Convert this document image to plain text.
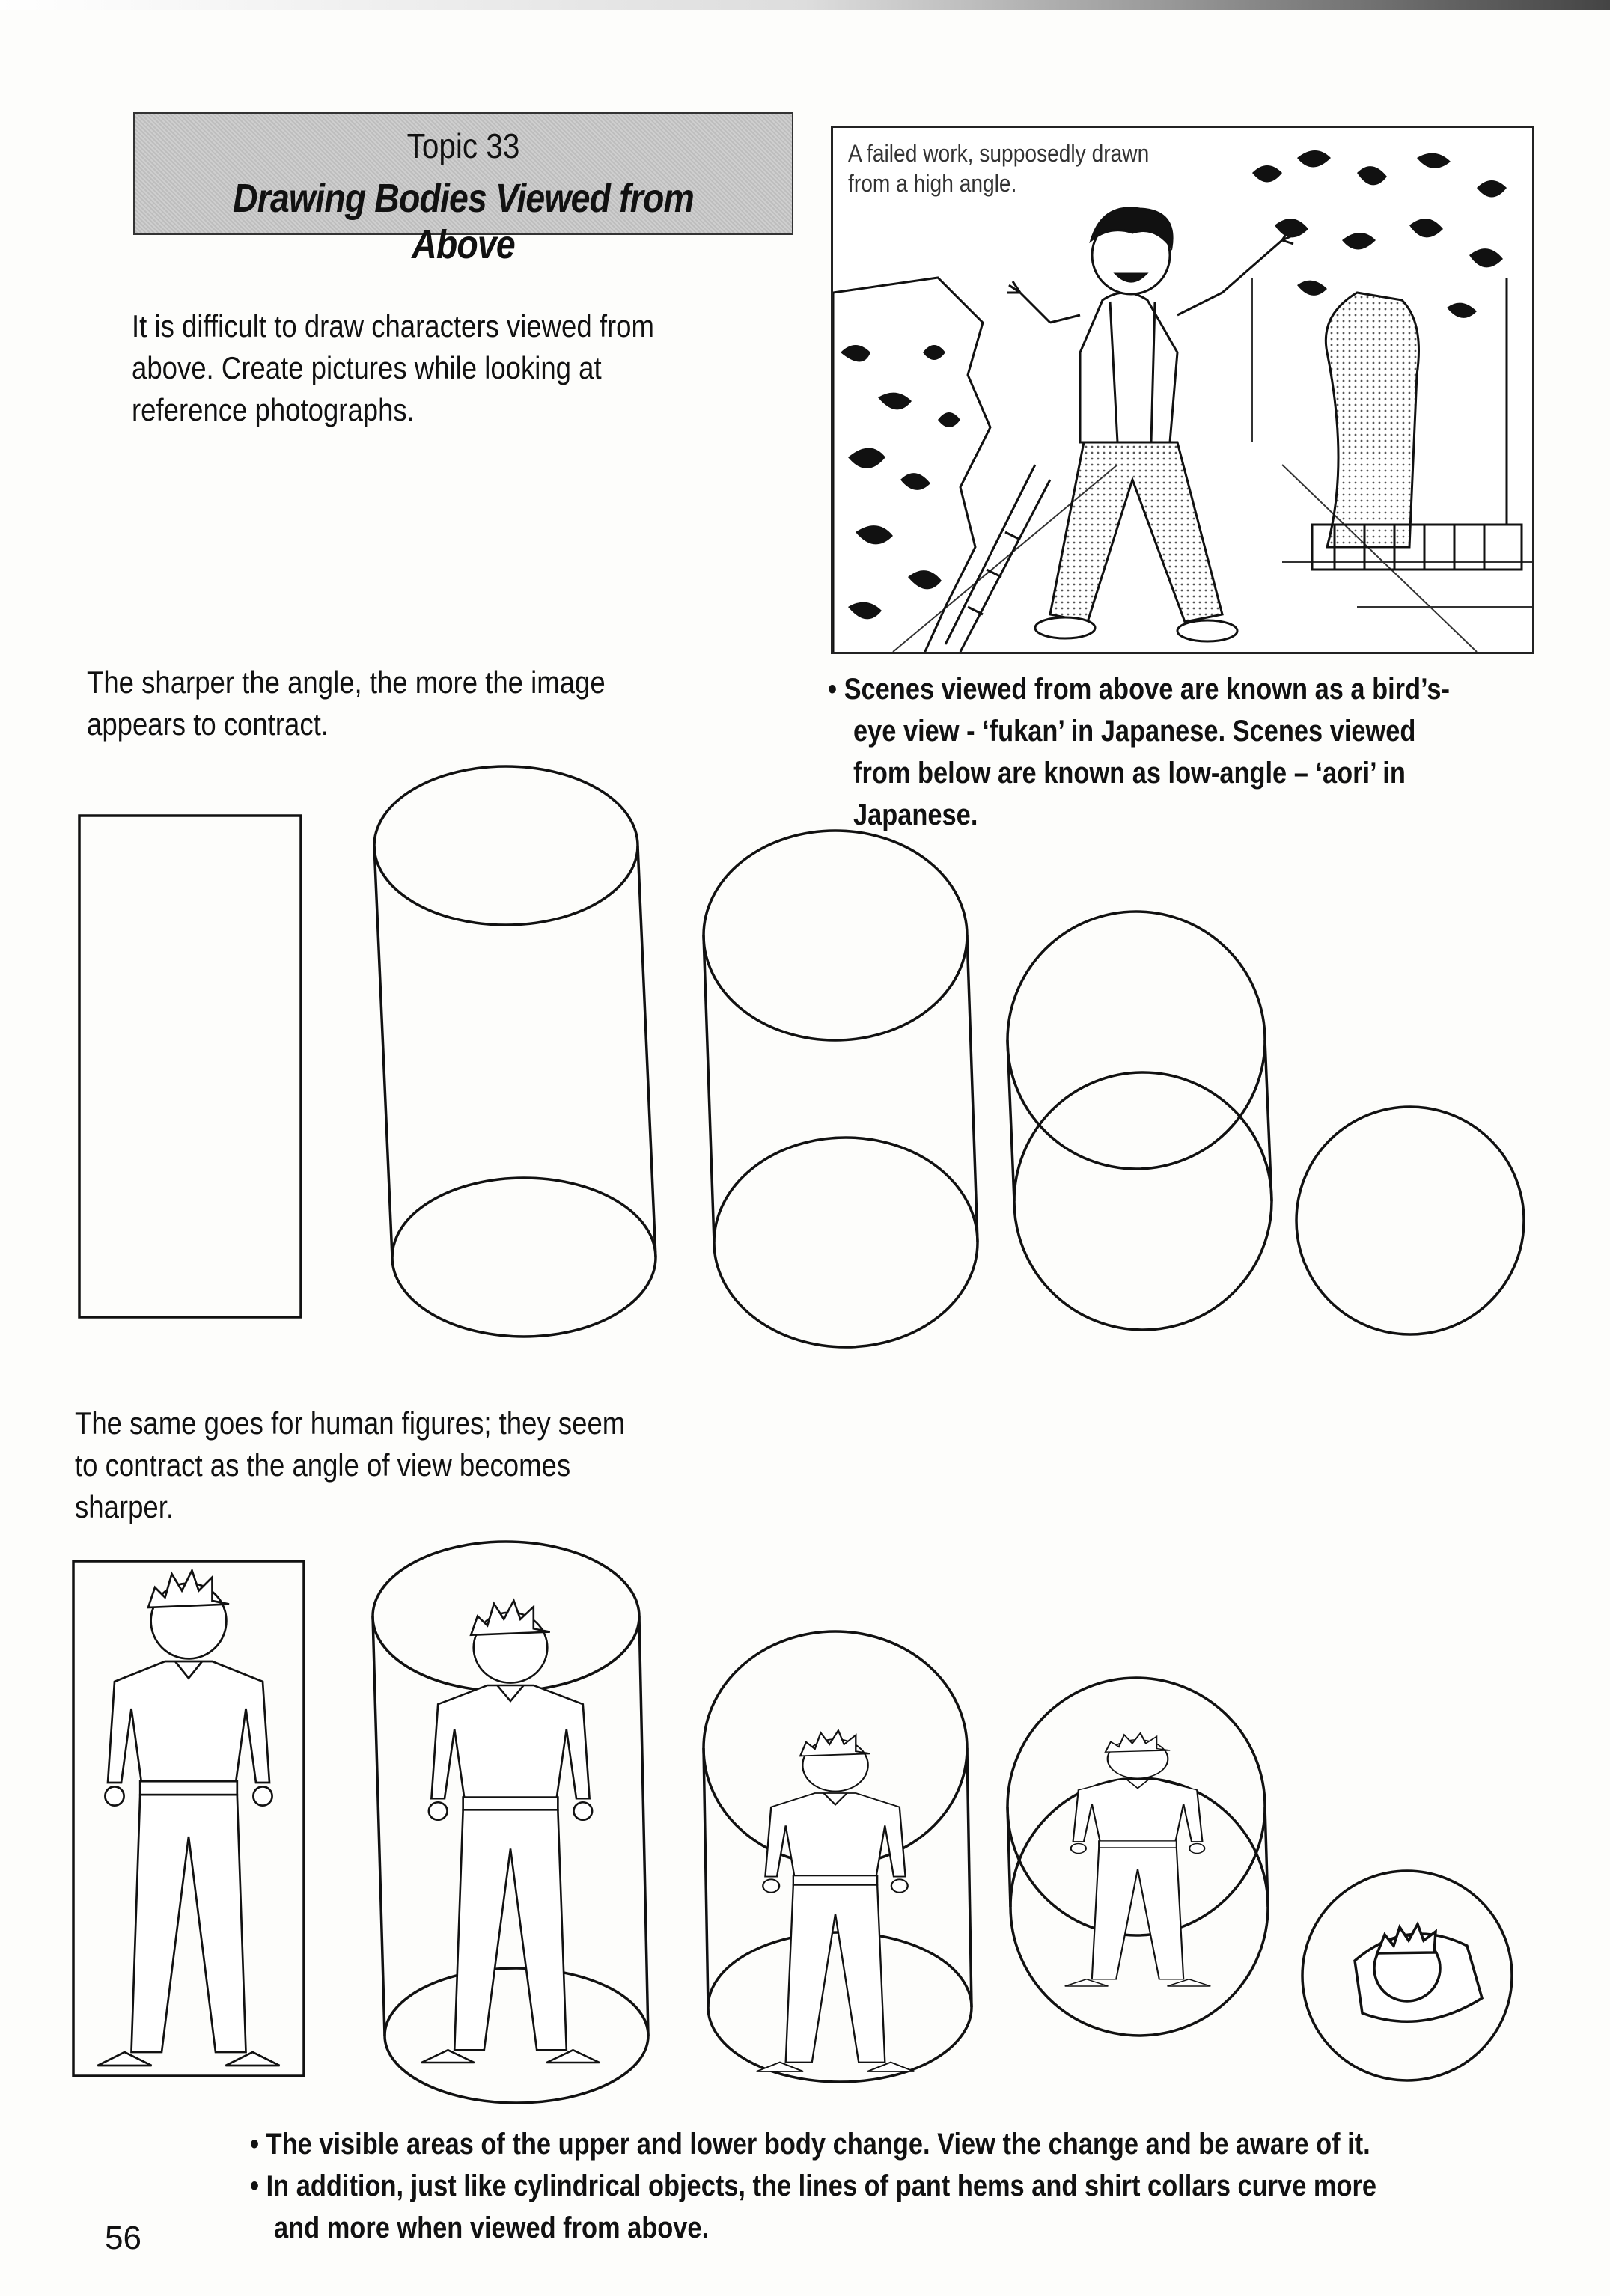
Topic 33
Drawing Bodies Viewed from Above
It is difficult to draw characters viewed from
above. Create pictures while looking at
reference photographs.
A failed work, supposedly drawn
from a high angle.
The sharper the angle, the more the image
appears to contract.
• Scenes viewed from above are known as a bird’s-
eye view - ‘fukan’ in Japanese. Scenes viewed
from below are known as low-angle – ‘aori’ in
Japanese.
The same goes for human figures; they seem
to contract as the angle of view becomes
sharper.
• The visible areas of the upper and lower body change. View the change and be aware of it.
• In addition, just like cylindrical objects, the lines of pant hems and shirt collars curve more
and more when viewed from above.
56
